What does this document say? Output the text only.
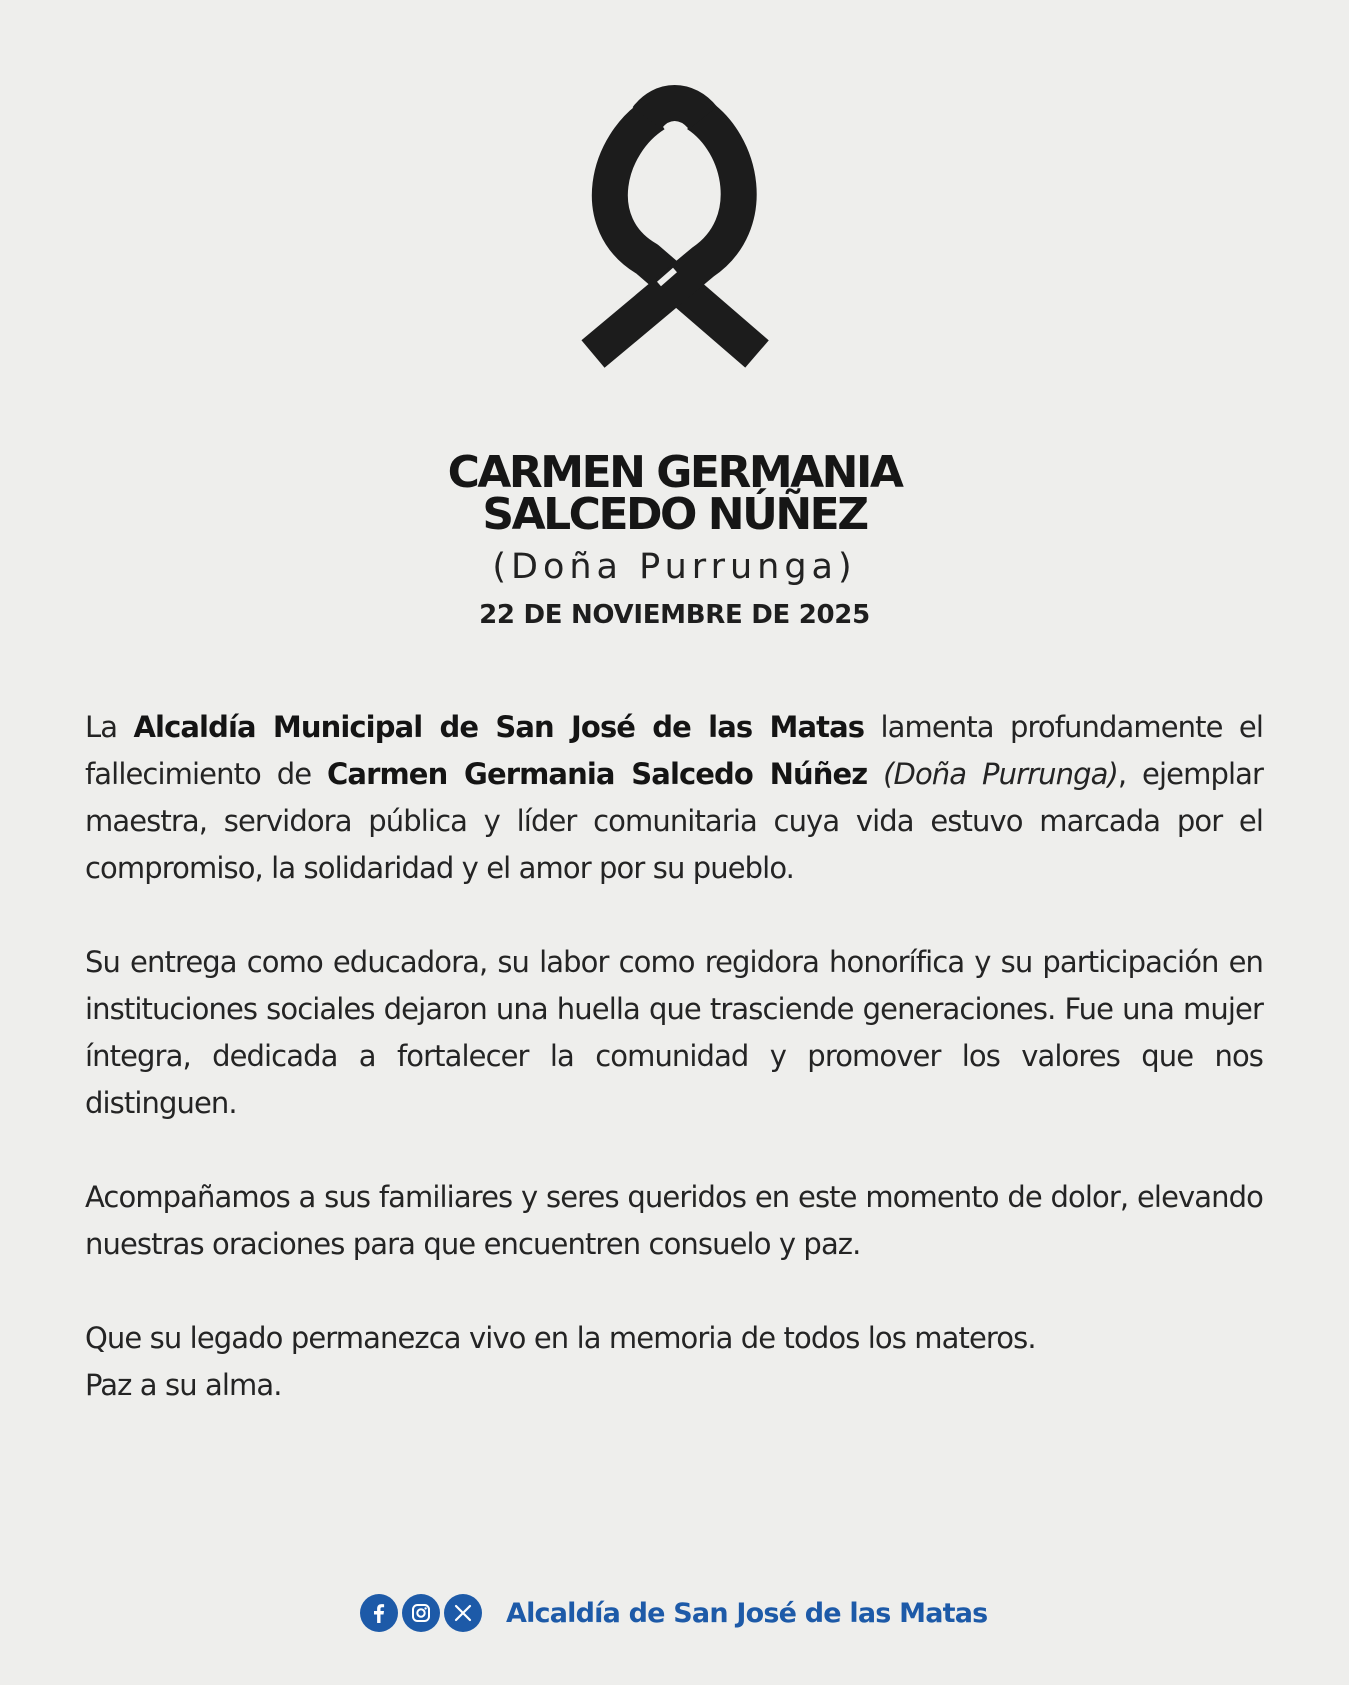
CARMEN GERMANIA
SALCEDO NÚÑEZ
(Doña Purrunga)
22 DE NOVIEMBRE DE 2025

La Alcaldía Municipal de San José de las Matas lamenta profundamente el fallecimiento de Carmen Germania Salcedo Núñez (Doña Purrunga), ejemplar maestra, servidora pública y líder comunitaria cuya vida estuvo marcada por el compromiso, la solidaridad y el amor por su pueblo.

Su entrega como educadora, su labor como regidora honorífica y su participación en instituciones sociales dejaron una huella que trasciende generaciones. Fue una mujer íntegra, dedicada a fortalecer la comunidad y promover los valores que nos distinguen.

Acompañamos a sus familiares y seres queridos en este momento de dolor, elevando nuestras oraciones para que encuentren consuelo y paz.

Que su legado permanezca vivo en la memoria de todos los materos.
Paz a su alma.

Alcaldía de San José de las Matas
